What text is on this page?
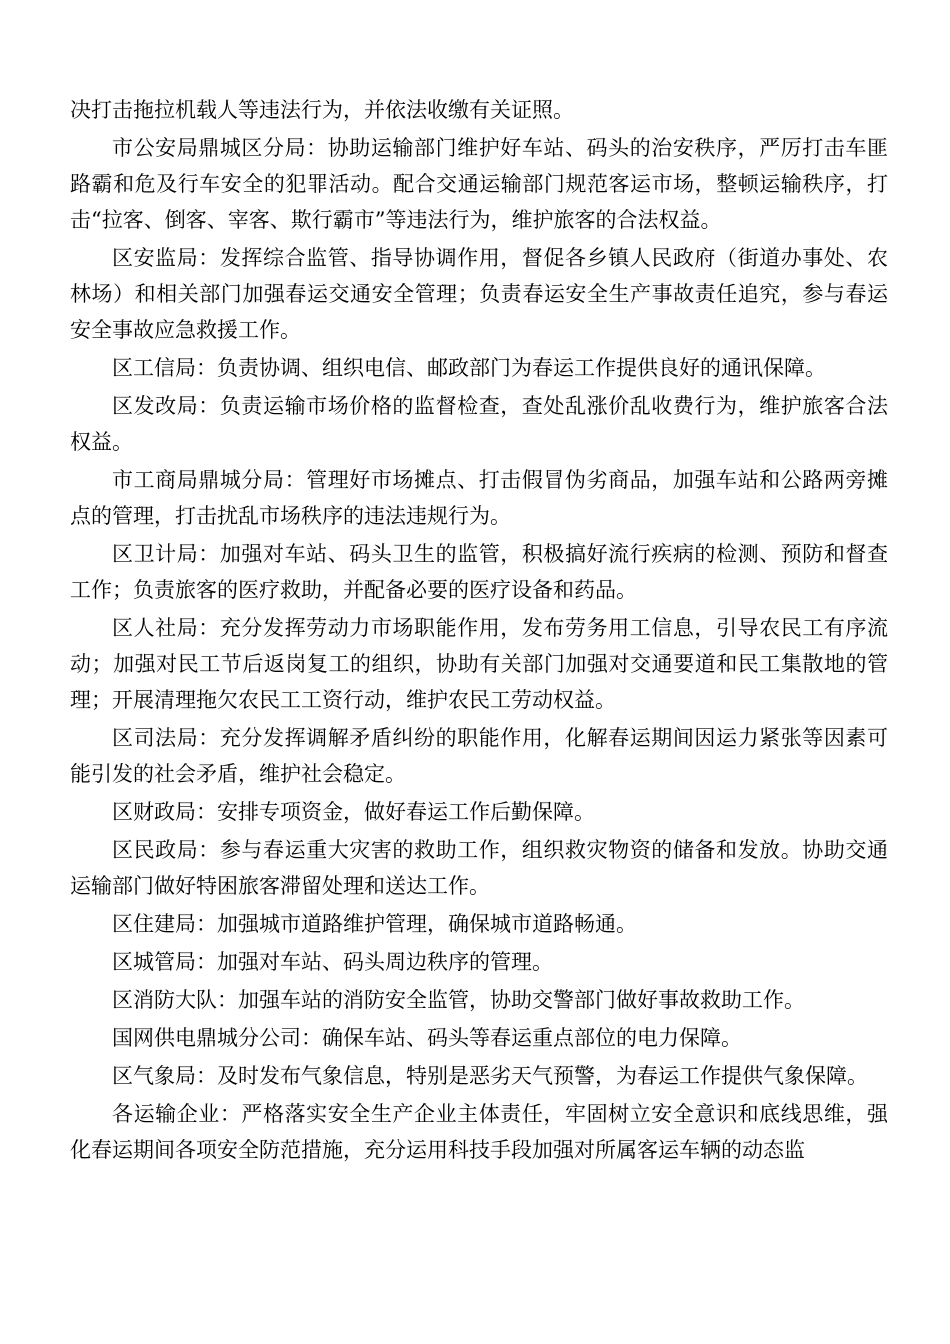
决打击拖拉机载人等违法行为，并依法收缴有关证照。

市公安局鼎城区分局：协助运输部门维护好车站、码头的治安秩序，严厉打击车匪路霸和危及行车安全的犯罪活动。配合交通运输部门规范客运市场，整顿运输秩序，打击“拉客、倒客、宰客、欺行霸市”等违法行为，维护旅客的合法权益。

区安监局：发挥综合监管、指导协调作用，督促各乡镇人民政府（街道办事处、农林场）和相关部门加强春运交通安全管理；负责春运安全生产事故责任追究，参与春运安全事故应急救援工作。

区工信局：负责协调、组织电信、邮政部门为春运工作提供良好的通讯保障。

区发改局：负责运输市场价格的监督检查，查处乱涨价乱收费行为，维护旅客合法权益。

市工商局鼎城分局：管理好市场摊点、打击假冒伪劣商品，加强车站和公路两旁摊点的管理，打击扰乱市场秩序的违法违规行为。

区卫计局：加强对车站、码头卫生的监管，积极搞好流行疾病的检测、预防和督查工作；负责旅客的医疗救助，并配备必要的医疗设备和药品。

区人社局：充分发挥劳动力市场职能作用，发布劳务用工信息，引导农民工有序流动；加强对民工节后返岗复工的组织，协助有关部门加强对交通要道和民工集散地的管理；开展清理拖欠农民工工资行动，维护农民工劳动权益。

区司法局：充分发挥调解矛盾纠纷的职能作用，化解春运期间因运力紧张等因素可能引发的社会矛盾，维护社会稳定。

区财政局：安排专项资金，做好春运工作后勤保障。

区民政局：参与春运重大灾害的救助工作，组织救灾物资的储备和发放。协助交通运输部门做好特困旅客滞留处理和送达工作。

区住建局：加强城市道路维护管理，确保城市道路畅通。

区城管局：加强对车站、码头周边秩序的管理。

区消防大队：加强车站的消防安全监管，协助交警部门做好事故救助工作。

国网供电鼎城分公司：确保车站、码头等春运重点部位的电力保障。

区气象局：及时发布气象信息，特别是恶劣天气预警，为春运工作提供气象保障。

各运输企业：严格落实安全生产企业主体责任，牢固树立安全意识和底线思维，强化春运期间各项安全防范措施，充分运用科技手段加强对所属客运车辆的动态监
